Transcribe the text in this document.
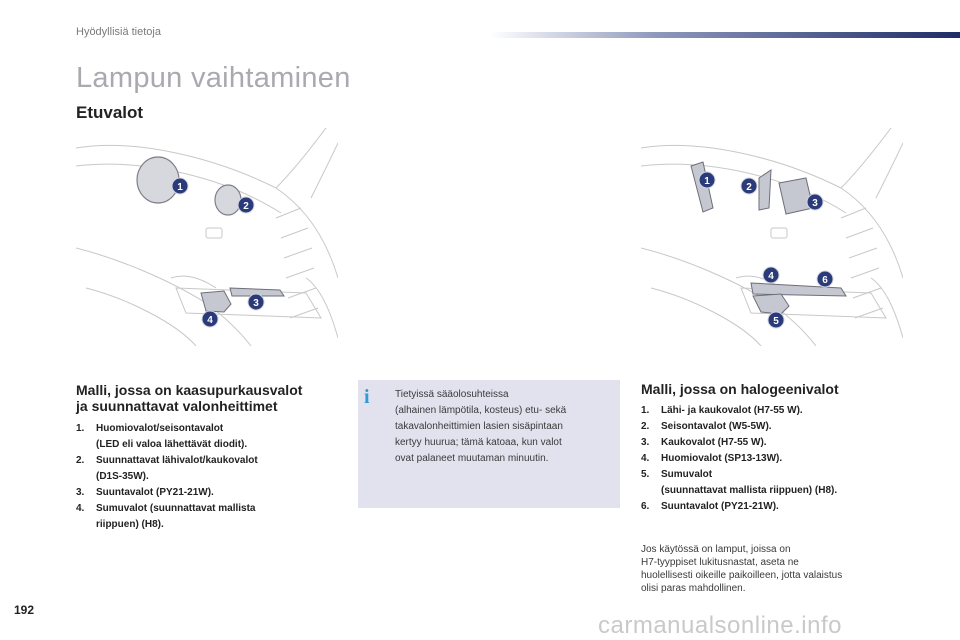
Hyödyllisiä tietoja
Lampun vaihtaminen
Etuvalot
1
2
3
4
1
2
3
4	6
5
Malli, jossa on kaasupurkausvalot
ja suunnattavat valonheittimet
1. Huomiovalot/seisontavalot
(LED eli valoa lähettävät diodit).
2. Suunnattavat lähivalot/kaukovalot
(D1S-35W).
3. Suuntavalot (PY21-21W).
4. Sumuvalot (suunnattavat mallista
riippuen) (H8).
i	Tietyissä sääolosuhteissa
(alhainen lämpötila, kosteus) etu- sekä
takavalonheittimien lasien sisäpintaan
kertyy huurua; tämä katoaa, kun valot
ovat palaneet muutaman minuutin.
Malli, jossa on halogeenivalot
1. Lähi- ja kaukovalot (H7-55 W).
2. Seisontavalot (W5-5W).
3. Kaukovalot (H7-55 W).
4. Huomiovalot (SP13-13W).
5. Sumuvalot
(suunnattavat mallista riippuen) (H8).
6. Suuntavalot (PY21-21W).
Jos käytössä on lamput, joissa on
H7-tyyppiset lukitusnastat, aseta ne
huolellisesti oikeille paikoilleen, jotta valaistus
olisi paras mahdollinen.
192
carmanualsonline.info
